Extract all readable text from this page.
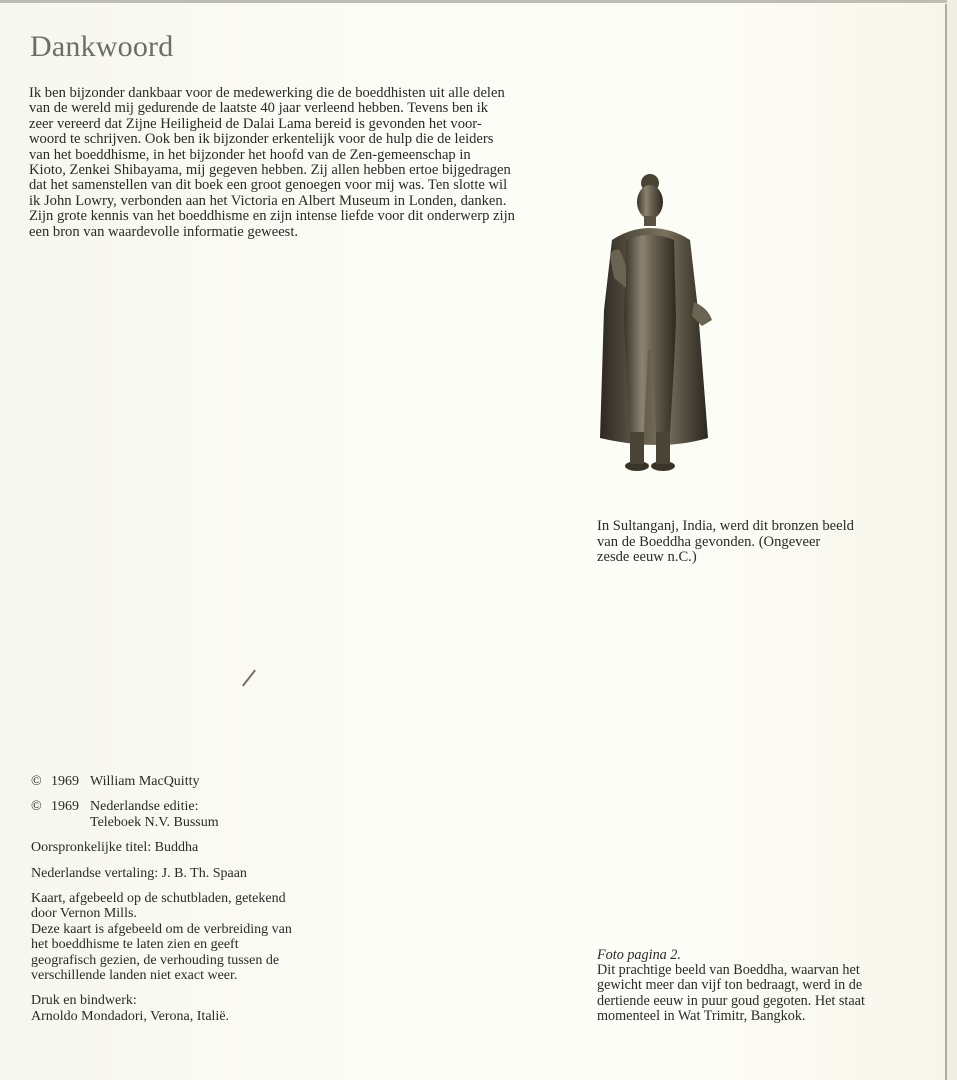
Dankwoord
Ik ben bijzonder dankbaar voor de medewerking die de boeddhisten uit alle delen
van de wereld mij gedurende de laatste 40 jaar verleend hebben. Tevens ben ik
zeer vereerd dat Zijne Heiligheid de Dalai Lama bereid is gevonden het voor-
woord te schrijven. Ook ben ik bijzonder erkentelijk voor de hulp die de leiders
van het boeddhisme, in het bijzonder het hoofd van de Zen-gemeenschap in
Kioto, Zenkei Shibayama, mij gegeven hebben. Zij allen hebben ertoe bijgedragen
dat het samenstellen van dit boek een groot genoegen voor mij was. Ten slotte wil
ik John Lowry, verbonden aan het Victoria en Albert Museum in Londen, danken.
Zijn grote kennis van het boeddhisme en zijn intense liefde voor dit onderwerp zijn
een bron van waardevolle informatie geweest.
In Sultanganj, India, werd dit bronzen beeld
van de Boeddha gevonden. (Ongeveer
zesde eeuw n.C.)
© 1969 William MacQuitty
© 1969 Nederlandse editie:
Teleboek N.V. Bussum
Oorspronkelijke titel: Buddha
Nederlandse vertaling: J. B. Th. Spaan
Kaart, afgebeeld op de schutbladen, getekend
door Vernon Mills.
Deze kaart is afgebeeld om de verbreiding van
het boeddhisme te laten zien en geeft
geografisch gezien, de verhouding tussen de
verschillende landen niet exact weer.
Druk en bindwerk:
Arnoldo Mondadori, Verona, Italië.
Foto pagina 2.
Dit prachtige beeld van Boeddha, waarvan het
gewicht meer dan vijf ton bedraagt, werd in de
dertiende eeuw in puur goud gegoten. Het staat
momenteel in Wat Trimitr, Bangkok.
